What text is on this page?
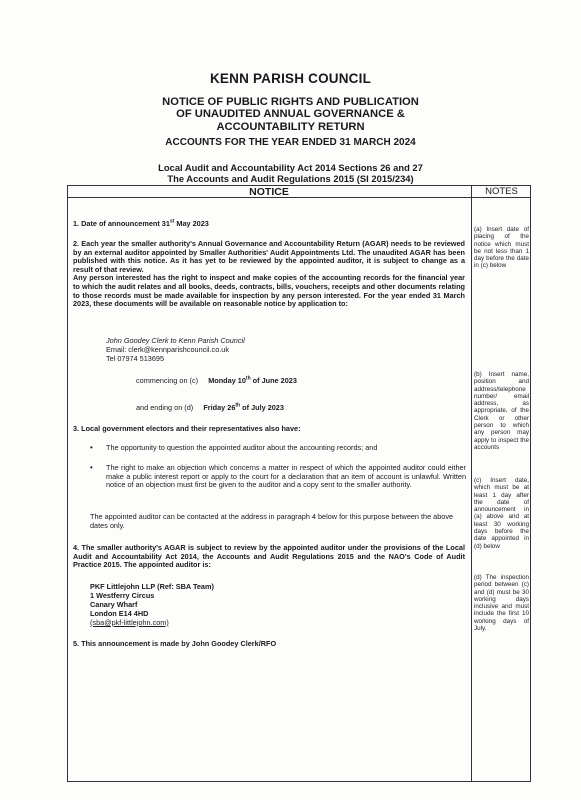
KENN PARISH COUNCIL
NOTICE OF PUBLIC RIGHTS AND PUBLICATION
OF UNAUDITED ANNUAL GOVERNANCE &
ACCOUNTABILITY RETURN
ACCOUNTS FOR THE YEAR ENDED 31 MARCH 2024
Local Audit and Accountability Act 2014 Sections 26 and 27
The Accounts and Audit Regulations 2015 (SI 2015/234)
NOTICE	NOTES
1. Date of announcement 31st May 2023
2. Each year the smaller authority's Annual Governance and Accountability Return (AGAR) needs to be reviewed by an external auditor appointed by Smaller Authorities' Audit Appointments Ltd. The unaudited AGAR has been published with this notice. As it has yet to be reviewed by the appointed auditor, it is subject to change as a result of that review.
Any person interested has the right to inspect and make copies of the accounting records for the financial year to which the audit relates and all books, deeds, contracts, bills, vouchers, receipts and other documents relating to those records must be made available for inspection by any person interested. For the year ended 31 March 2023, these documents will be available on reasonable notice by application to:
John Goodey Clerk to Kenn Parish Council
Email: clerk@kennparishcouncil.co.uk
Tel 07974 513695
commencing on (c) Monday 10th of June 2023
and ending on (d) Friday 26th of July 2023
3. Local government electors and their representatives also have:
• The opportunity to question the appointed auditor about the accounting records; and
• The right to make an objection which concerns a matter in respect of which the appointed auditor could either make a public interest report or apply to the court for a declaration that an item of account is unlawful. Written notice of an objection must first be given to the auditor and a copy sent to the smaller authority.
The appointed auditor can be contacted at the address in paragraph 4 below for this purpose between the above dates only.
4. The smaller authority's AGAR is subject to review by the appointed auditor under the provisions of the Local Audit and Accountability Act 2014, the Accounts and Audit Regulations 2015 and the NAO's Code of Audit Practice 2015. The appointed auditor is:
PKF Littlejohn LLP (Ref: SBA Team)
1 Westferry Circus
Canary Wharf
London E14 4HD
(sba@pkf-littlejohn.com)
5. This announcement is made by John Goodey Clerk/RFO
(a) Insert date of placing of the notice which must be not less than 1 day before the date in (c) below
(b) Insert name, position and address/telephone number/ email address, as appropriate, of the Clerk or other person to which any person may apply to inspect the accounts
(c) Insert date, which must be at least 1 day after the date of announcement in (a) above and at least 30 working days before the date appointed in (d) below
(d) The inspection period between (c) and (d) must be 30 working days inclusive and must include the first 10 working days of July.
